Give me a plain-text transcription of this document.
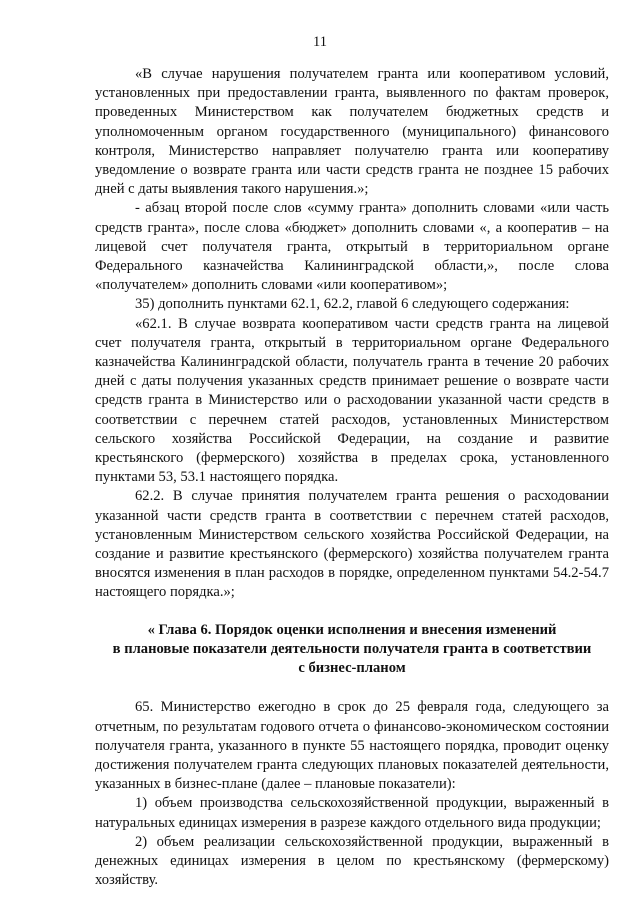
11

«В случае нарушения получателем гранта или кооперативом условий, установленных при предоставлении гранта, выявленного по фактам проверок, проведенных Министерством как получателем бюджетных средств и уполномоченным органом государственного (муниципального) финансового контроля, Министерство направляет получателю гранта или кооперативу уведомление о возврате гранта или части средств гранта не позднее 15 рабочих дней с даты выявления такого нарушения.»;

- абзац второй после слов «сумму гранта» дополнить словами «или часть средств гранта», после слова «бюджет» дополнить словами «, а кооператив – на лицевой счет получателя гранта, открытый в территориальном органе Федерального казначейства Калининградской области,», после слова «получателем» дополнить словами «или кооперативом»;

35) дополнить пунктами 62.1, 62.2, главой 6 следующего содержания:

«62.1. В случае возврата кооперативом части средств гранта на лицевой счет получателя гранта, открытый в территориальном органе Федерального казначейства Калининградской области, получатель гранта в течение 20 рабочих дней с даты получения указанных средств принимает решение о возврате части средств гранта в Министерство или о расходовании указанной части средств в соответствии с перечнем статей расходов, установленных Министерством сельского хозяйства Российской Федерации, на создание и развитие крестьянского (фермерского) хозяйства в пределах срока, установленного пунктами 53, 53.1 настоящего порядка.

62.2. В случае принятия получателем гранта решения о расходовании указанной части средств гранта в соответствии с перечнем статей расходов, установленным Министерством сельского хозяйства Российской Федерации, на создание и развитие крестьянского (фермерского) хозяйства получателем гранта вносятся изменения в план расходов в порядке, определенном пунктами 54.2-54.7 настоящего порядка.»;

« Глава 6. Порядок оценки исполнения и внесения изменений

в плановые показатели деятельности получателя гранта в соответствии

с бизнес-планом

65. Министерство ежегодно в срок до 25 февраля года, следующего за отчетным, по результатам годового отчета о финансово-экономическом состоянии получателя гранта, указанного в пункте 55 настоящего порядка, проводит оценку достижения получателем гранта следующих плановых показателей деятельности, указанных в бизнес-плане (далее – плановые показатели):

1) объем производства сельскохозяйственной продукции, выраженный в натуральных единицах измерения в разрезе каждого отдельного вида продукции;

2) объем реализации сельскохозяйственной продукции, выраженный в денежных единицах измерения в целом по крестьянскому (фермерскому) хозяйству.
